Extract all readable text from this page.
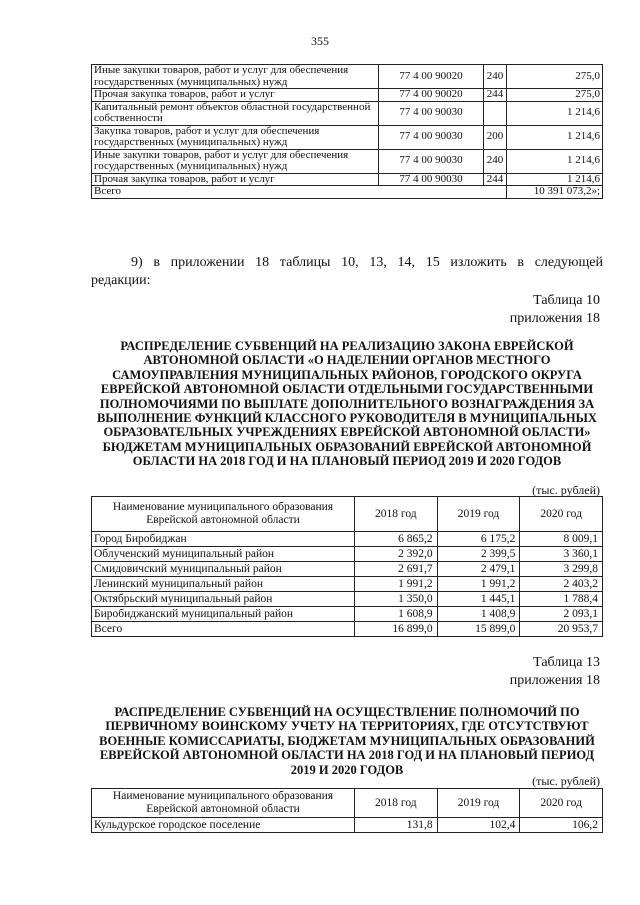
355
Иные закупки товаров, работ и услуг для обеспечения государственных (муниципальных) нужд	77 4 00 90020	240	275,0
Прочая закупка товаров, работ и услуг	77 4 00 90020	244	275,0
Капитальный ремонт объектов областной государственной собственности	77 4 00 90030		1 214,6
Закупка товаров, работ и услуг для обеспечения государственных (муниципальных) нужд	77 4 00 90030	200	1 214,6
Иные закупки товаров, работ и услуг для обеспечения государственных (муниципальных) нужд	77 4 00 90030	240	1 214,6
Прочая закупка товаров, работ и услуг	77 4 00 90030	244	1 214,6
Всего			10 391 073,2»;
9) в приложении 18 таблицы 10, 13, 14, 15 изложить в следующей
редакции:
Таблица 10
приложения 18
РАСПРЕДЕЛЕНИЕ СУБВЕНЦИЙ НА РЕАЛИЗАЦИЮ ЗАКОНА ЕВРЕЙСКОЙ АВТОНОМНОЙ ОБЛАСТИ «О НАДЕЛЕНИИ ОРГАНОВ МЕСТНОГО САМОУПРАВЛЕНИЯ МУНИЦИПАЛЬНЫХ РАЙОНОВ, ГОРОДСКОГО ОКРУГА ЕВРЕЙСКОЙ АВТОНОМНОЙ ОБЛАСТИ ОТДЕЛЬНЫМИ ГОСУДАРСТВЕННЫМИ ПОЛНОМОЧИЯМИ ПО ВЫПЛАТЕ ДОПОЛНИТЕЛЬНОГО ВОЗНАГРАЖДЕНИЯ ЗА ВЫПОЛНЕНИЕ ФУНКЦИЙ КЛАССНОГО РУКОВОДИТЕЛЯ В МУНИЦИПАЛЬНЫХ ОБРАЗОВАТЕЛЬНЫХ УЧРЕЖДЕНИЯХ ЕВРЕЙСКОЙ АВТОНОМНОЙ ОБЛАСТИ» БЮДЖЕТАМ МУНИЦИПАЛЬНЫХ ОБРАЗОВАНИЙ ЕВРЕЙСКОЙ АВТОНОМНОЙ ОБЛАСТИ НА 2018 ГОД И НА ПЛАНОВЫЙ ПЕРИОД 2019 И 2020 ГОДОВ
(тыс. рублей)
Наименование муниципального образования Еврейской автономной области	2018 год	2019 год	2020 год
Город Биробиджан	6 865,2	6 175,2	8 009,1
Облученский муниципальный район	2 392,0	2 399,5	3 360,1
Смидовичский муниципальный район	2 691,7	2 479,1	3 299,8
Ленинский муниципальный район	1 991,2	1 991,2	2 403,2
Октябрьский муниципальный район	1 350,0	1 445,1	1 788,4
Биробиджанский муниципальный район	1 608,9	1 408,9	2 093,1
Всего	16 899,0	15 899,0	20 953,7
Таблица 13
приложения 18
РАСПРЕДЕЛЕНИЕ СУБВЕНЦИЙ НА ОСУЩЕСТВЛЕНИЕ ПОЛНОМОЧИЙ ПО ПЕРВИЧНОМУ ВОИНСКОМУ УЧЕТУ НА ТЕРРИТОРИЯХ, ГДЕ ОТСУТСТВУЮТ ВОЕННЫЕ КОМИССАРИАТЫ, БЮДЖЕТАМ МУНИЦИПАЛЬНЫХ ОБРАЗОВАНИЙ ЕВРЕЙСКОЙ АВТОНОМНОЙ ОБЛАСТИ НА 2018 ГОД И НА ПЛАНОВЫЙ ПЕРИОД 2019 И 2020 ГОДОВ
(тыс. рублей)
Наименование муниципального образования Еврейской автономной области	2018 год	2019 год	2020 год
Кульдурское городское поселение	131,8	102,4	106,2
